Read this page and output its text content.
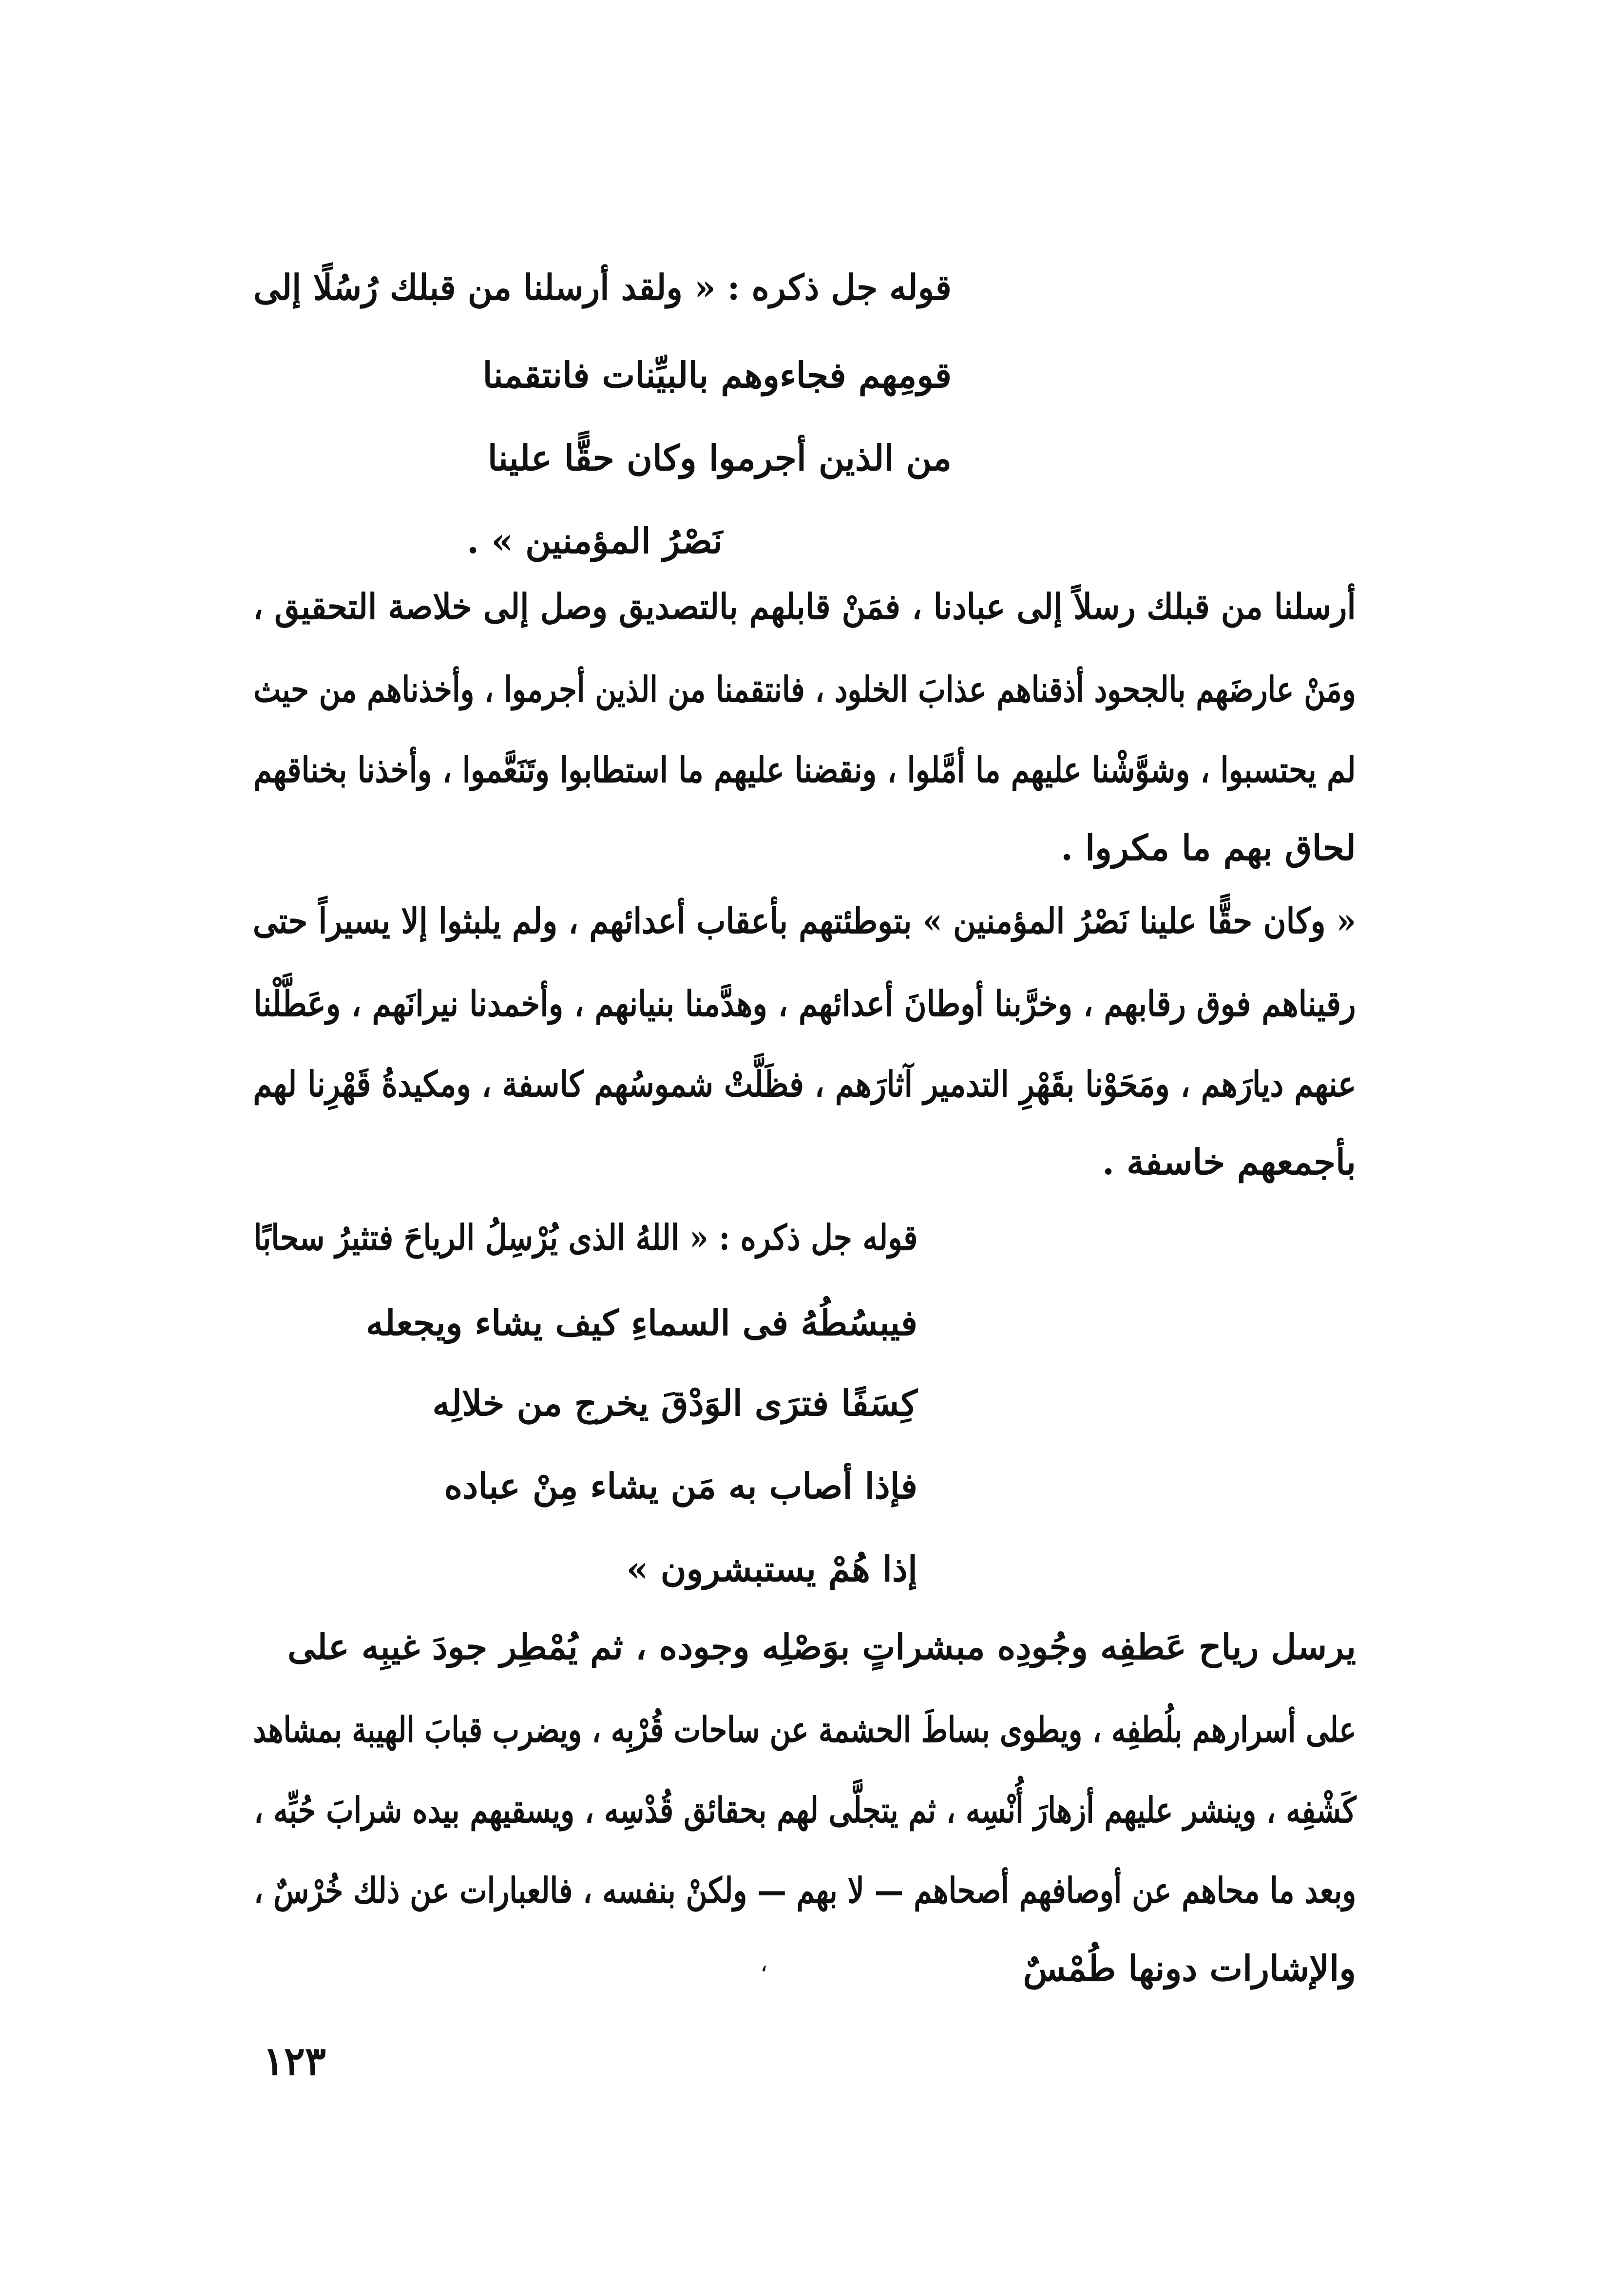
قوله جل ذكره : « ولقد أرسلنا من قبلك رُسُلًا إلى
قومِهم فجاءوهم بالبيِّنات فانتقمنا
من الذين أجرموا وكان حقًّا علينا
نَصْرُ المؤمنين » .
أرسلنا من قبلك رسلاً إلى عبادنا ، فمَنْ قابلهم بالتصديق وصل إلى خلاصة التحقيق ،
ومَنْ عارضَهم بالجحود أذقناهم عذابَ الخلود ، فانتقمنا من الذين أجرموا ، وأخذناهم من حيث
لم يحتسبوا ، وشوَّشْنا عليهم ما أمَّلوا ، ونقضنا عليهم ما استطابوا وتَنَعَّموا ، وأخذنا بخناقهم
لحاق بهم ما مكروا .
« وكان حقًّا علينا نَصْرُ المؤمنين » بتوطئتهم بأعقاب أعدائهم ، ولم يلبثوا إلا يسيراً حتى
رقيناهم فوق رقابهم ، وخرَّبنا أوطانَ أعدائهم ، وهدَّمنا بنيانهم ، وأخمدنا نيرانَهم ، وعَطَّلْنا
عنهم ديارَهم ، ومَحَوْنا بقَهْرِ التدمير آثارَهم ، فظَلَّتْ شموسُهم كاسفة ، ومكيدةُ قَهْرِنا لهم
بأجمعهم خاسفة .
قوله جل ذكره : « اللهُ الذى يُرْسِلُ الرياحَ فتثيرُ سحابًا
فيبسُطُهُ فى السماءِ كيف يشاء ويجعله
كِسَفًا فترَى الوَدْقَ يخرج من خلالِه
فإذا أصاب به مَن يشاء مِنْ عباده
إذا هُمْ يستبشرون »
يرسل رياح عَطفِه وجُودِه مبشراتٍ بوَصْلِه وجوده ، ثم يُمْطِر جودَ غيبِه على
على أسرارهم بلُطفِه ، ويطوى بساطَ الحشمة عن ساحات قُرْبِه ، ويضرب قبابَ الهيبة بمشاهد
كَشْفِه ، وينشر عليهم أزهارَ أُنْسِه ، ثم يتجلَّى لهم بحقائق قُدْسِه ، ويسقيهم بيده شرابَ حُبِّه ،
وبعد ما محاهم عن أوصافهم أصحاهم — لا بهم — ولكنْ بنفسه ، فالعبارات عن ذلك خُرْسٌ ،
والإشارات دونها طُمْسٌ
،
١٢٣
